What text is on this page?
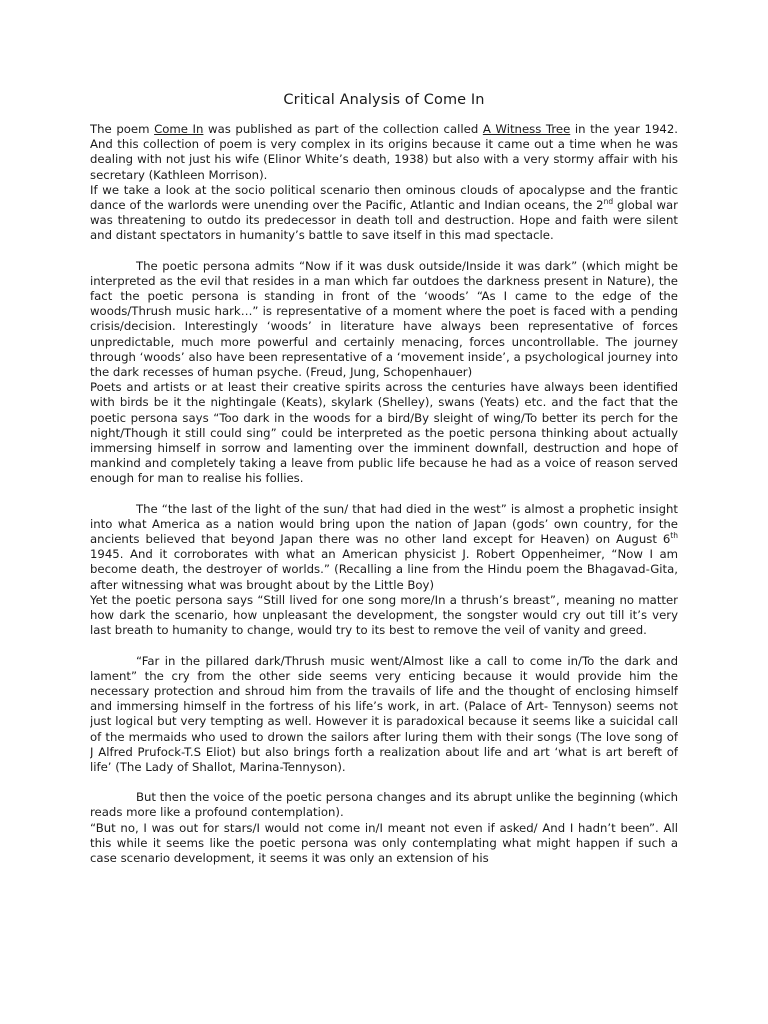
Critical Analysis of Come In

The poem Come In was published as part of the collection called A Witness Tree in the year 1942. And this collection of poem is very complex in its origins because it came out a time when he was dealing with not just his wife (Elinor White’s death, 1938) but also with a very stormy affair with his secretary (Kathleen Morrison).

If we take a look at the socio political scenario then ominous clouds of apocalypse and the frantic dance of the warlords were unending over the Pacific, Atlantic and Indian oceans, the 2nd global war was threatening to outdo its predecessor in death toll and destruction. Hope and faith were silent and distant spectators in humanity’s battle to save itself in this mad spectacle.

The poetic persona admits “Now if it was dusk outside/Inside it was dark” (which might be interpreted as the evil that resides in a man which far outdoes the darkness present in Nature), the fact the poetic persona is standing in front of the ‘woods’ “As I came to the edge of the woods/Thrush music hark…” is representative of a moment where the poet is faced with a pending crisis/decision. Interestingly ‘woods’ in literature have always been representative of forces unpredictable, much more powerful and certainly menacing, forces uncontrollable. The journey through ‘woods’ also have been representative of a ‘movement inside’, a psychological journey into the dark recesses of human psyche. (Freud, Jung, Schopenhauer)

Poets and artists or at least their creative spirits across the centuries have always been identified with birds be it the nightingale (Keats), skylark (Shelley), swans (Yeats) etc. and the fact that the poetic persona says “Too dark in the woods for a bird/By sleight of wing/To better its perch for the night/Though it still could sing” could be interpreted as the poetic persona thinking about actually immersing himself in sorrow and lamenting over the imminent downfall, destruction and hope of mankind and completely taking a leave from public life because he had as a voice of reason served enough for man to realise his follies.

The “the last of the light of the sun/ that had died in the west” is almost a prophetic insight into what America as a nation would bring upon the nation of Japan (gods’ own country, for the ancients believed that beyond Japan there was no other land except for Heaven) on August 6th 1945. And it corroborates with what an American physicist J. Robert Oppenheimer, “Now I am become death, the destroyer of worlds.” (Recalling a line from the Hindu poem the Bhagavad-Gita, after witnessing what was brought about by the Little Boy)

Yet the poetic persona says “Still lived for one song more/In a thrush’s breast”, meaning no matter how dark the scenario, how unpleasant the development, the songster would cry out till it’s very last breath to humanity to change, would try to its best to remove the veil of vanity and greed.

“Far in the pillared dark/Thrush music went/Almost like a call to come in/To the dark and lament” the cry from the other side seems very enticing because it would provide him the necessary protection and shroud him from the travails of life and the thought of enclosing himself and immersing himself in the fortress of his life’s work, in art. (Palace of Art- Tennyson) seems not just logical but very tempting as well. However it is paradoxical because it seems like a suicidal call of the mermaids who used to drown the sailors after luring them with their songs (The love song of J Alfred Prufock-T.S Eliot) but also brings forth a realization about life and art ‘what is art bereft of life’ (The Lady of Shallot, Marina-Tennyson).

But then the voice of the poetic persona changes and its abrupt unlike the beginning (which reads more like a profound contemplation).

“But no, I was out for stars/I would not come in/I meant not even if asked/ And I hadn’t been”. All this while it seems like the poetic persona was only contemplating what might happen if such a case scenario development, it seems it was only an extension of his
